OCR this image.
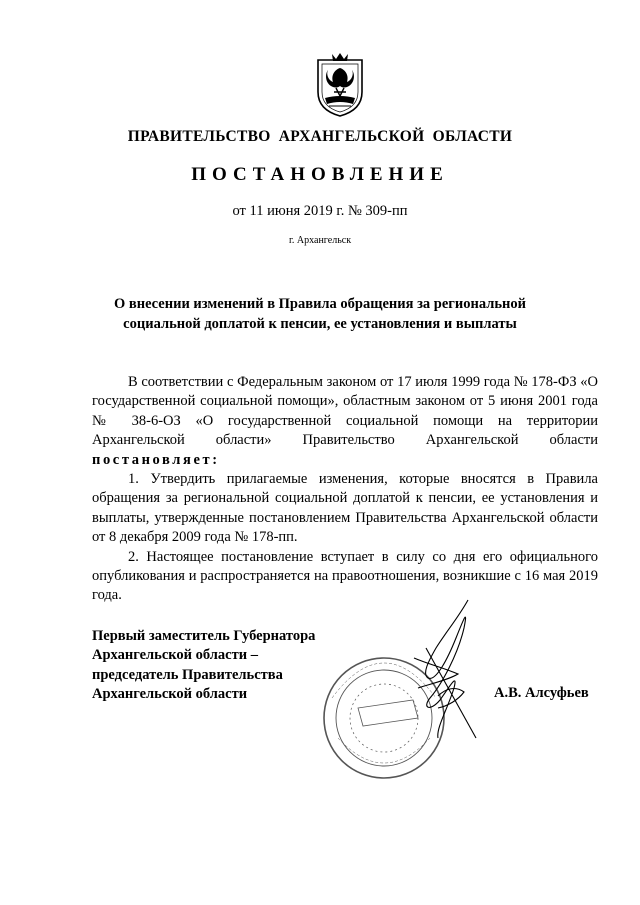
ПРАВИТЕЛЬСТВО АРХАНГЕЛЬСКОЙ ОБЛАСТИ
ПОСТАНОВЛЕНИЕ
от 11 июня 2019 г. № 309-пп
г. Архангельск
О внесении изменений в Правила обращения за региональной
социальной доплатой к пенсии, ее установления и выплаты

В соответствии с Федеральным законом от 17 июля 1999 года № 178-ФЗ «О государственной социальной помощи», областным законом от 5 июня 2001 года № 38-6-ОЗ «О государственной социальной помощи на территории Архангельской области» Правительство Архангельской области постановляет:

1. Утвердить прилагаемые изменения, которые вносятся в Правила обращения за региональной социальной доплатой к пенсии, ее установления и выплаты, утвержденные постановлением Правительства Архангельской области от 8 декабря 2009 года № 178-пп.

2. Настоящее постановление вступает в силу со дня его официального опубликования и распространяется на правоотношения, возникшие с 16 мая 2019 года.

Первый заместитель Губернатора
Архангельской области –
председатель Правительства
Архангельской области	А.В. Алсуфьев
